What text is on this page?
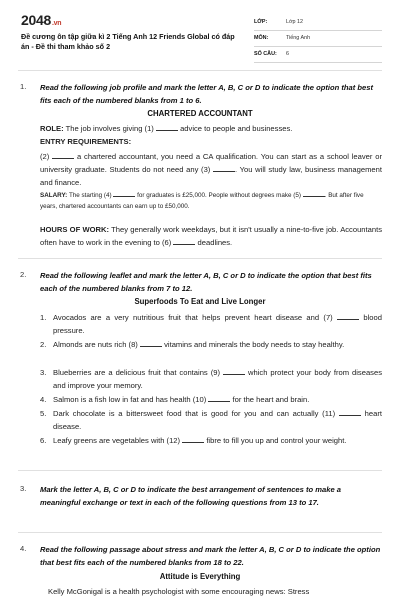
2048.vn
Đề cương ôn tập giữa kì 2 Tiếng Anh 12 Friends Global có đáp án - Đề thi tham khảo số 2
LỚP:	Lớp 12
MÔN:	Tiếng Anh
SỐ CÂU: 6
1. Read the following job profile and mark the letter A, B, C or D to indicate the option that best fits each of the numbered blanks from 1 to 6.
CHARTERED ACCOUNTANT
ROLE: The job involves giving (1)	advice to people and businesses.
ENTRY REQUIREMENTS:
(2)	a chartered accountant, you need a CA qualification. You can start as a school leaver or university graduate. Students do not need any (3)	. You will study law, business management and finance.
SALARY: The starting (4)	for graduates is £25,000. People without degrees make (5)	. But after five years, chartered accountants can earn up to £50,000.
HOURS OF WORK: They generally work weekdays, but it isn't usually a nine-to-five job. Accountants often have to work in the evening to (6)	deadlines.
2. Read the following leaflet and mark the letter A, B, C or D to indicate the option that best fits each of the numbered blanks from 7 to 12.
Superfoods To Eat and Live Longer
1. Avocados are a very nutritious fruit that helps prevent heart disease and (7)	blood pressure.
2. Almonds are nuts rich (8)	vitamins and minerals the body needs to stay healthy.
3. Blueberries are a delicious fruit that contains (9)	which protect your body from diseases and improve your memory.
4. Salmon is a fish low in fat and has health (10)	for the heart and brain.
5. Dark chocolate is a bittersweet food that is good for you and can actually (11)	heart disease.
6. Leafy greens are vegetables with (12)	fibre to fill you up and control your weight.
3. Mark the letter A, B, C or D to indicate the best arrangement of sentences to make a meaningful exchange or text in each of the following questions from 13 to 17.
4. Read the following passage about stress and mark the letter A, B, C or D to indicate the option that best fits each of the numbered blanks from 18 to 22.
Attitude is Everything
Kelly McGonigal is a health psychologist with some encouraging news: Stress
